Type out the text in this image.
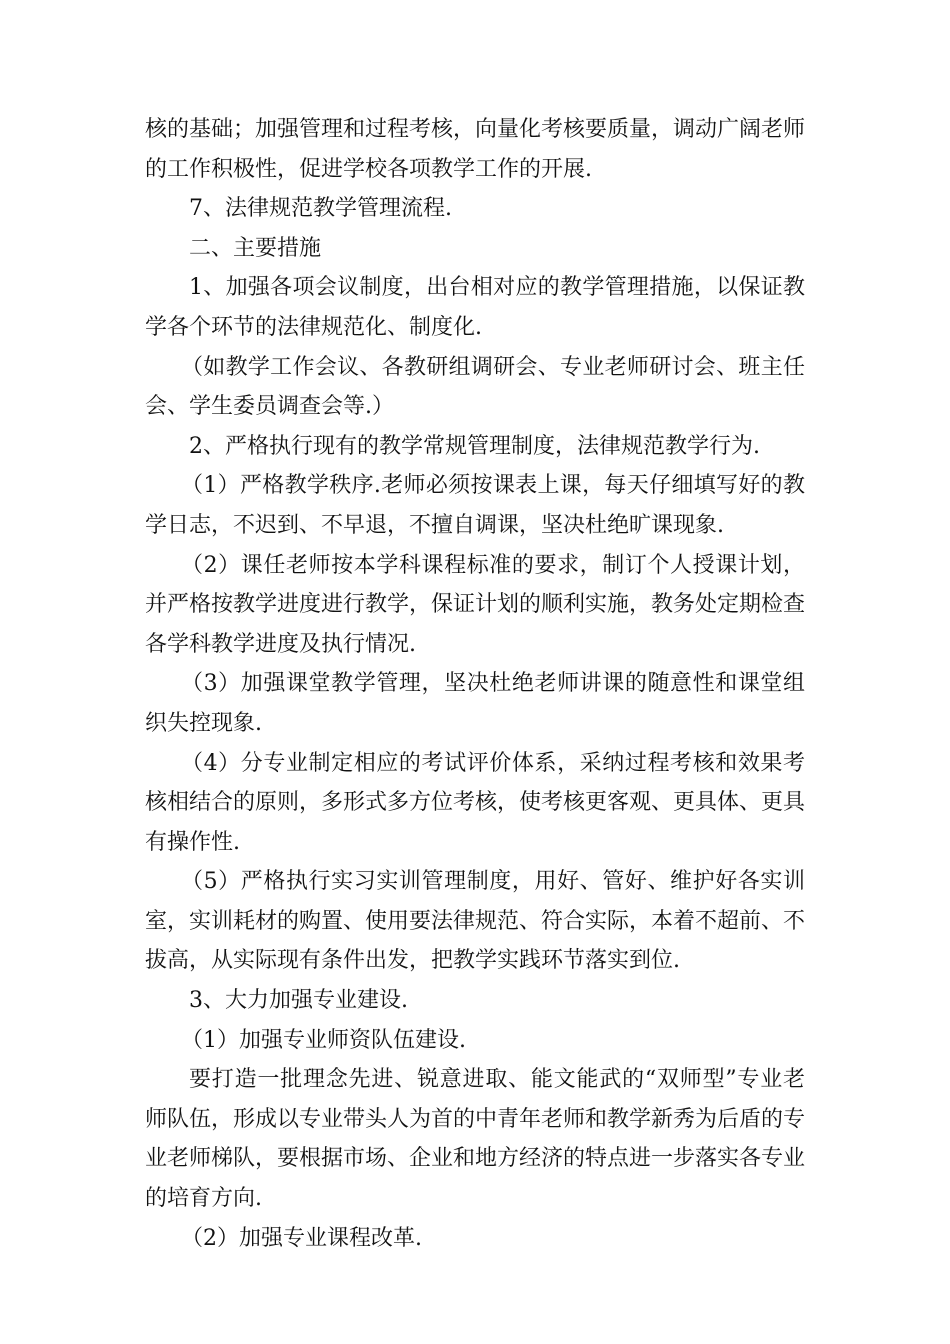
核的基础；加强管理和过程考核，向量化考核要质量，调动广阔老师的工作积极性，促进学校各项教学工作的开展.

7、法律规范教学管理流程.

二、主要措施

1、加强各项会议制度，出台相对应的教学管理措施，以保证教学各个环节的法律规范化、制度化.

（如教学工作会议、各教研组调研会、专业老师研讨会、班主任会、学生委员调查会等.）

2、严格执行现有的教学常规管理制度，法律规范教学行为.

（1）严格教学秩序.老师必须按课表上课，每天仔细填写好的教学日志，不迟到、不早退，不擅自调课，坚决杜绝旷课现象.

（2）课任老师按本学科课程标准的要求，制订个人授课计划，并严格按教学进度进行教学，保证计划的顺利实施，教务处定期检查各学科教学进度及执行情况.

（3）加强课堂教学管理，坚决杜绝老师讲课的随意性和课堂组织失控现象.

（4）分专业制定相应的考试评价体系，采纳过程考核和效果考核相结合的原则，多形式多方位考核，使考核更客观、更具体、更具有操作性.

（5）严格执行实习实训管理制度，用好、管好、维护好各实训室，实训耗材的购置、使用要法律规范、符合实际，本着不超前、不拔高，从实际现有条件出发，把教学实践环节落实到位.

3、大力加强专业建设.

（1）加强专业师资队伍建设.

要打造一批理念先进、锐意进取、能文能武的“双师型”专业老师队伍，形成以专业带头人为首的中青年老师和教学新秀为后盾的专业老师梯队，要根据市场、企业和地方经济的特点进一步落实各专业的培育方向.

（2）加强专业课程改革.
